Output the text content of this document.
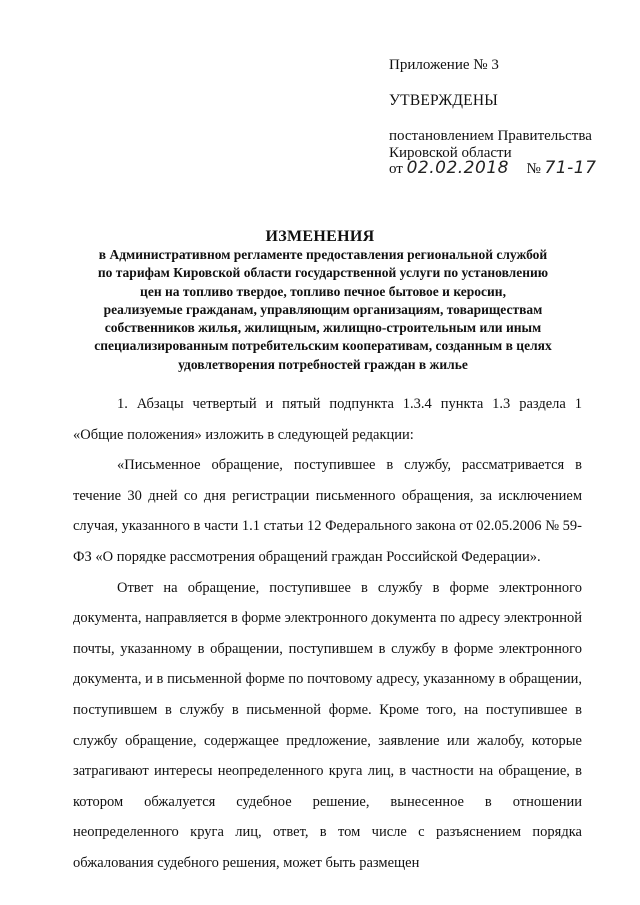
Приложение № 3
УТВЕРЖДЕНЫ
постановлением Правительства
Кировской области
от 02.02.2018 № 71-17
ИЗМЕНЕНИЯ
в Административном регламенте предоставления региональной службой
по тарифам Кировской области государственной услуги по установлению
цен на топливо твердое, топливо печное бытовое и керосин,
реализуемые гражданам, управляющим организациям, товариществам
собственников жилья, жилищным, жилищно-строительным или иным
специализированным потребительским кооперативам, созданным в целях
удовлетворения потребностей граждан в жилье

1. Абзацы четвертый и пятый подпункта 1.3.4 пункта 1.3 раздела 1 «Общие положения» изложить в следующей редакции:

«Письменное обращение, поступившее в службу, рассматривается в течение 30 дней со дня регистрации письменного обращения, за исключением случая, указанного в части 1.1 статьи 12 Федерального закона от 02.05.2006 № 59-ФЗ «О порядке рассмотрения обращений граждан Российской Федерации».

Ответ на обращение, поступившее в службу в форме электронного документа, направляется в форме электронного документа по адресу электронной почты, указанному в обращении, поступившем в службу в форме электронного документа, и в письменной форме по почтовому адресу, указанному в обращении, поступившем в службу в письменной форме. Кроме того, на поступившее в службу обращение, содержащее предложение, заявление или жалобу, которые затрагивают интересы неопределенного круга лиц, в частности на обращение, в котором обжалуется судебное решение, вынесенное в отношении неопределенного круга лиц, ответ, в том числе с разъяснением порядка обжалования судебного решения, может быть размещен
